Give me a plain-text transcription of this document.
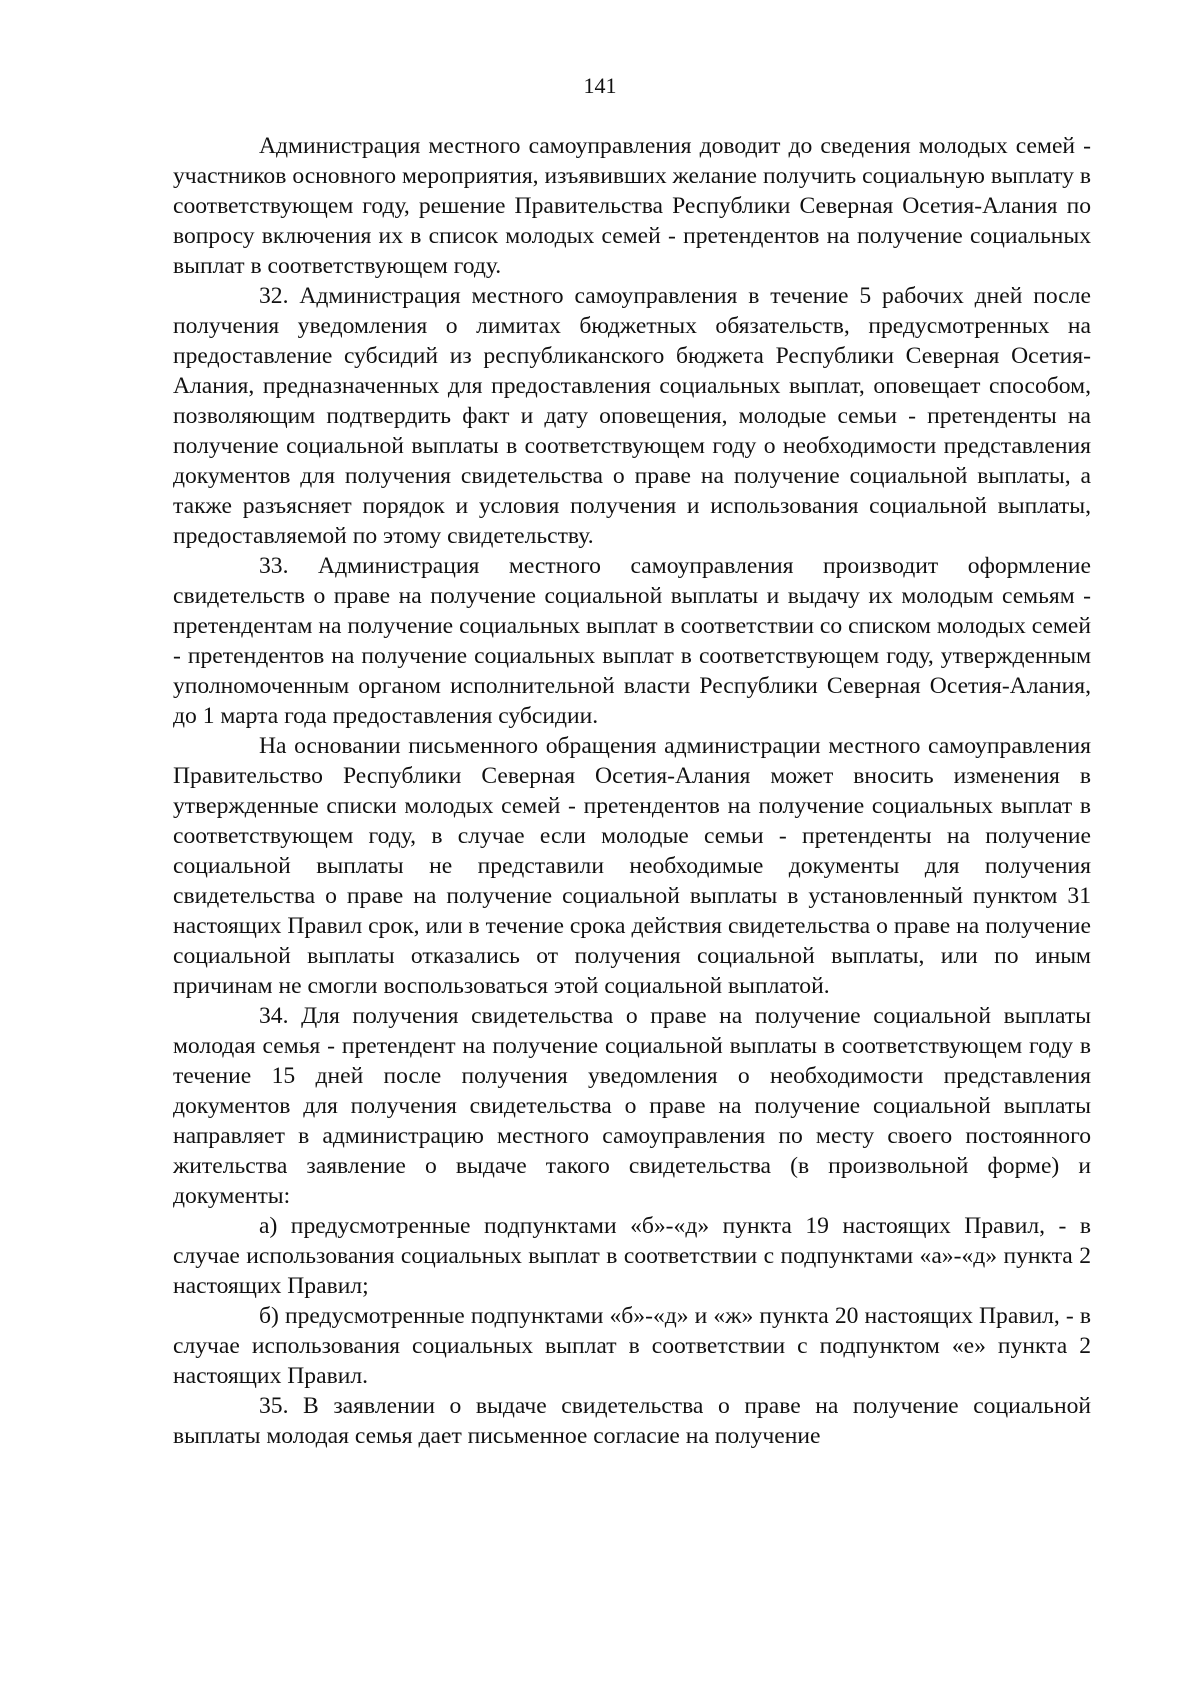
141

Администрация местного самоуправления доводит до сведения молодых семей - участников основного мероприятия, изъявивших желание получить социальную выплату в соответствующем году, решение Правительства Республики Северная Осетия-Алания по вопросу включения их в список молодых семей - претендентов на получение социальных выплат в соответствующем году.

32. Администрация местного самоуправления в течение 5 рабочих дней после получения уведомления о лимитах бюджетных обязательств, предусмотренных на предоставление субсидий из республиканского бюджета Республики Северная Осетия-Алания, предназначенных для предоставления социальных выплат, оповещает способом, позволяющим подтвердить факт и дату оповещения, молодые семьи - претенденты на получение социальной выплаты в соответствующем году о необходимости представления документов для получения свидетельства о праве на получение социальной выплаты, а также разъясняет порядок и условия получения и использования социальной выплаты, предоставляемой по этому свидетельству.

33. Администрация местного самоуправления производит оформление свидетельств о праве на получение социальной выплаты и выдачу их молодым семьям - претендентам на получение социальных выплат в соответствии со списком молодых семей - претендентов на получение социальных выплат в соответствующем году, утвержденным уполномоченным органом исполнительной власти Республики Северная Осетия-Алания, до 1 марта года предоставления субсидии.

На основании письменного обращения администрации местного самоуправления Правительство Республики Северная Осетия-Алания может вносить изменения в утвержденные списки молодых семей - претендентов на получение социальных выплат в соответствующем году, в случае если молодые семьи - претенденты на получение социальной выплаты не представили необходимые документы для получения свидетельства о праве на получение социальной выплаты в установленный пунктом 31 настоящих Правил срок, или в течение срока действия свидетельства о праве на получение социальной выплаты отказались от получения социальной выплаты, или по иным причинам не смогли воспользоваться этой социальной выплатой.

34. Для получения свидетельства о праве на получение социальной выплаты молодая семья - претендент на получение социальной выплаты в соответствующем году в течение 15 дней после получения уведомления о необходимости представления документов для получения свидетельства о праве на получение социальной выплаты направляет в администрацию местного самоуправления по месту своего постоянного жительства заявление о выдаче такого свидетельства (в произвольной форме) и документы:

а) предусмотренные подпунктами «б»-«д» пункта 19 настоящих Правил, - в случае использования социальных выплат в соответствии с подпунктами «а»-«д» пункта 2 настоящих Правил;

б) предусмотренные подпунктами «б»-«д» и «ж» пункта 20 настоящих Правил, - в случае использования социальных выплат в соответствии с подпунктом «е» пункта 2 настоящих Правил.

35. В заявлении о выдаче свидетельства о праве на получение социальной выплаты молодая семья дает письменное согласие на получение
